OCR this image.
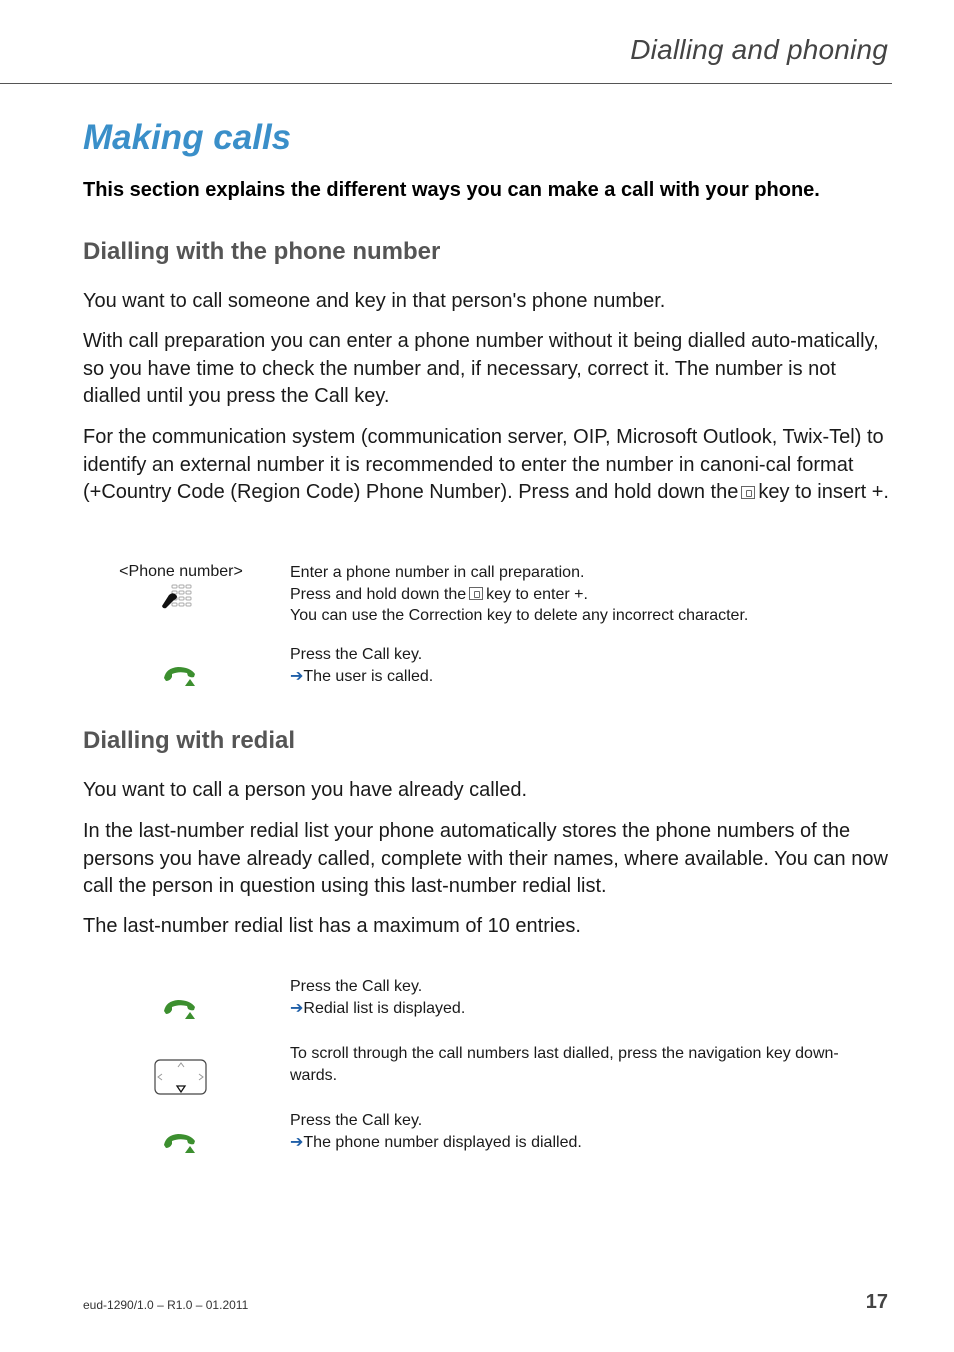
Dialling and phoning
Making calls

This section explains the different ways you can make a call with your phone.

Dialling with the phone number

You want to call someone and key in that person's phone number.

With call preparation you can enter a phone number without it being dialled auto-matically, so you have time to check the number and, if necessary, correct it. The number is not dialled until you press the Call key.

For the communication system (communication server, OIP, Microsoft Outlook, Twix-Tel) to identify an external number it is recommended to enter the number in canoni-cal format (+Country Code (Region Code) Phone Number). Press and hold down the key to insert +.

<Phone number>	Enter a phone number in call preparation.
Press and hold down the key to enter +.
You can use the Correction key to delete any incorrect character.
Press the Call key.
➔The user is called.
Dialling with redial

You want to call a person you have already called.

In the last-number redial list your phone automatically stores the phone numbers of the persons you have already called, complete with their names, where available. You can now call the person in question using this last-number redial list.

The last-number redial list has a maximum of 10 entries.

Press the Call key.
➔Redial list is displayed.
To scroll through the call numbers last dialled, press the navigation key down-wards.
Press the Call key.
➔The phone number displayed is dialled.
eud-1290/1.0 – R1.0 – 01.2011	17
